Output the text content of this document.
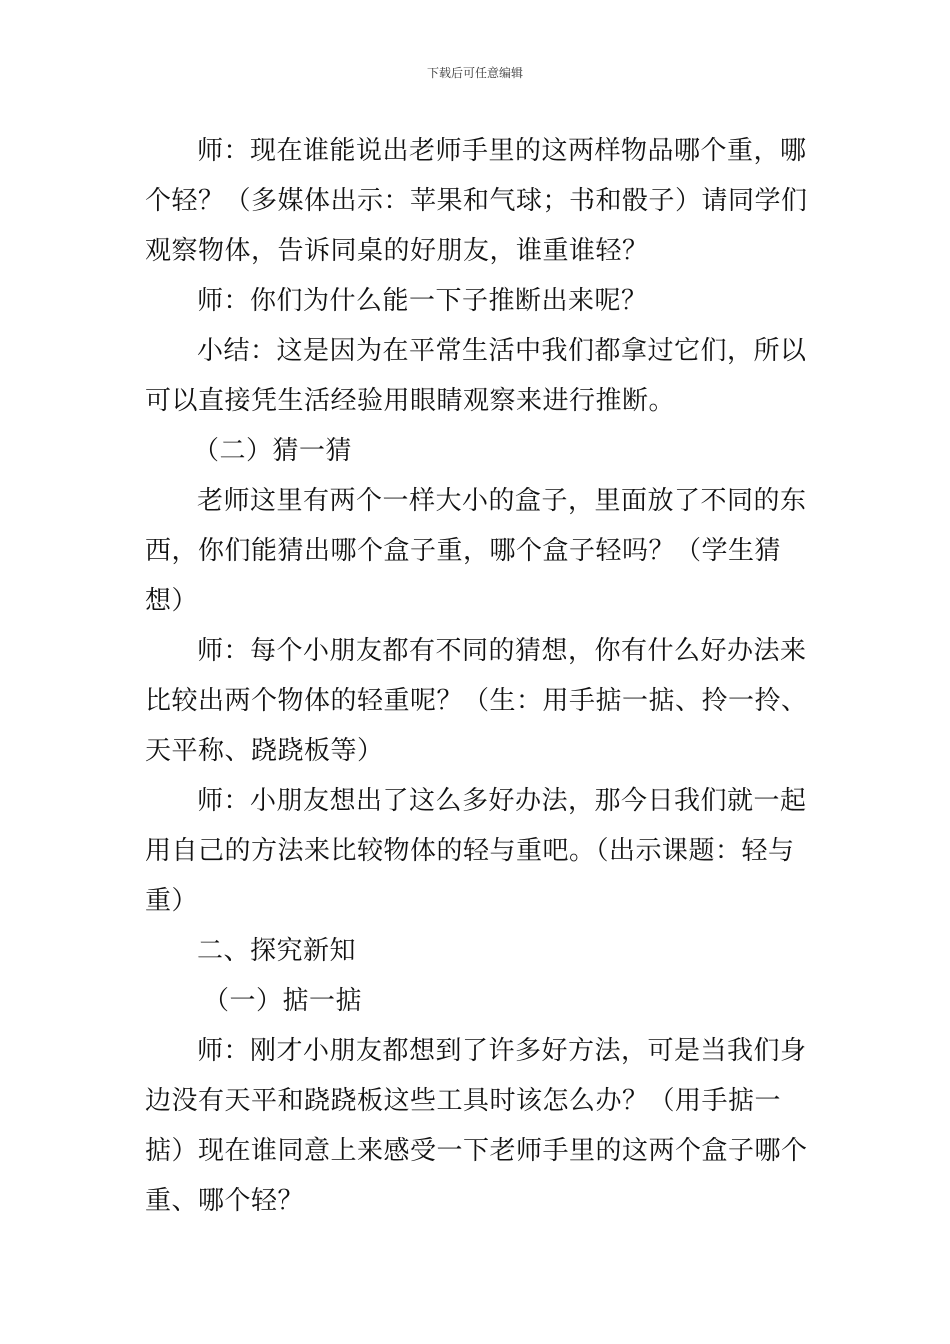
下载后可任意编辑
师：现在谁能说出老师手里的这两样物品哪个重，哪
个轻？（多媒体出示：苹果和气球；书和骰子）请同学们
观察物体，告诉同桌的好朋友，谁重谁轻？
师：你们为什么能一下子推断出来呢？
小结：这是因为在平常生活中我们都拿过它们，所以
可以直接凭生活经验用眼睛观察来进行推断。
（二）猜一猜
老师这里有两个一样大小的盒子，里面放了不同的东
西，你们能猜出哪个盒子重，哪个盒子轻吗？（学生猜
想）
师：每个小朋友都有不同的猜想，你有什么好办法来
比较出两个物体的轻重呢？（生：用手掂一掂、拎一拎、
天平称、跷跷板等）
师：小朋友想出了这么多好办法，那今日我们就一起
用自己的方法来比较物体的轻与重吧。（出示课题：轻与
重）
二、探究新知
（一）掂一掂
师：刚才小朋友都想到了许多好方法，可是当我们身
边没有天平和跷跷板这些工具时该怎么办？（用手掂一
掂）现在谁同意上来感受一下老师手里的这两个盒子哪个
重、哪个轻？
